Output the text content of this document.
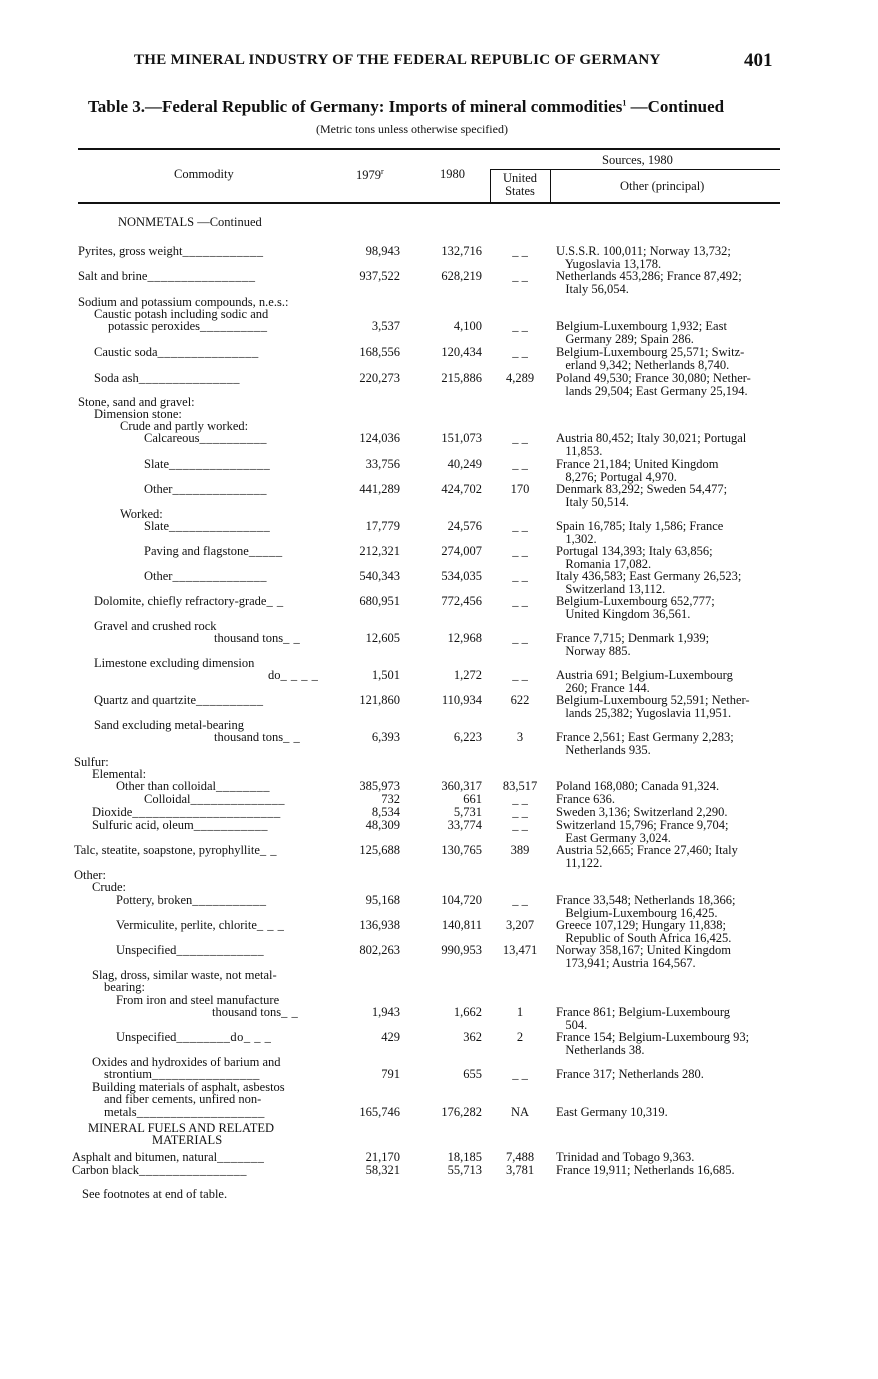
THE MINERAL INDUSTRY OF THE FEDERAL REPUBLIC OF GERMANY	401
Table 3.—Federal Republic of Germany: Imports of mineral commodities$^1$ —Continued
(Metric tons unless otherwise specified)
Commodity	1979$^r$	1980
Sources, 1980
United States	Other (principal)
NONMETALS —Continued
Pyrites, gross weight____________	98,943	132,716	_ _	U.S.S.R. 100,011; Norway 13,732;
Yugoslavia 13,178.
Salt and brine________________	937,522	628,219	_ _	Netherlands 453,286; France 87,492;
Italy 56,054.
Sodium and potassium compounds, n.e.s.:
Caustic potash including sodic and
potassic peroxides__________	3,537	4,100	_ _	Belgium-Luxembourg 1,932; East
Germany 289; Spain 286.
Caustic soda_______________	168,556	120,434	_ _	Belgium-Luxembourg 25,571; Switz-
erland 9,342; Netherlands 8,740.
Soda ash_______________	220,273	215,886	4,289	Poland 49,530; France 30,080; Nether-
lands 29,504; East Germany 25,194.
Stone, sand and gravel:
Dimension stone:
Crude and partly worked:
Calcareous__________	124,036	151,073	_ _	Austria 80,452; Italy 30,021; Portugal
11,853.
Slate_______________	33,756	40,249	_ _	France 21,184; United Kingdom
8,276; Portugal 4,970.
Other______________	441,289	424,702	170	Denmark 83,292; Sweden 54,477;
Italy 50,514.
Worked:
Slate_______________	17,779	24,576	_ _	Spain 16,785; Italy 1,586; France
1,302.
Paving and flagstone_____	212,321	274,007	_ _	Portugal 134,393; Italy 63,856;
Romania 17,082.
Other______________	540,343	534,035	_ _	Italy 436,583; East Germany 26,523;
Switzerland 13,112.
Dolomite, chiefly refractory-grade_ _	680,951	772,456	_ _	Belgium-Luxembourg 652,777;
United Kingdom 36,561.
Gravel and crushed rock
thousand tons_ _	12,605	12,968	_ _	France 7,715; Denmark 1,939;
Norway 885.
Limestone excluding dimension
do_ _ _ _	1,501	1,272	_ _	Austria 691; Belgium-Luxembourg
260; France 144.
Quartz and quartzite__________	121,860	110,934	622	Belgium-Luxembourg 52,591; Nether-
lands 25,382; Yugoslavia 11,951.
Sand excluding metal-bearing
thousand tons_ _	6,393	6,223	3	France 2,561; East Germany 2,283;
Netherlands 935.
Sulfur:
Elemental:
Other than colloidal________	385,973	360,317	83,517	Poland 168,080; Canada 91,324.
Colloidal______________	732	661	_ _	France 636.
Dioxide______________________	8,534	5,731	_ _	Sweden 3,136; Switzerland 2,290.
Sulfuric acid, oleum___________	48,309	33,774	_ _	Switzerland 15,796; France 9,704;
East Germany 3,024.
Talc, steatite, soapstone, pyrophyllite_ _	125,688	130,765	389	Austria 52,665; France 27,460; Italy
11,122.
Other:
Crude:
Pottery, broken___________	95,168	104,720	_ _	France 33,548; Netherlands 18,366;
Belgium-Luxembourg 16,425.
Vermiculite, perlite, chlorite_ _ _	136,938	140,811	3,207	Greece 107,129; Hungary 11,838;
Republic of South Africa 16,425.
Unspecified_____________	802,263	990,953	13,471	Norway 358,167; United Kingdom
173,941; Austria 164,567.
Slag, dross, similar waste, not metal-
bearing:
From iron and steel manufacture
thousand tons_ _	1,943	1,662	1	France 861; Belgium-Luxembourg
504.
Unspecified________do_ _ _	429	362	2	France 154; Belgium-Luxembourg 93;
Netherlands 38.
Oxides and hydroxides of barium and
strontium________________	791	655	_ _	France 317; Netherlands 280.
Building materials of asphalt, asbestos
and fiber cements, unfired non-
metals___________________	165,746	176,282	NA	East Germany 10,319.
MINERAL FUELS AND RELATED
MATERIALS
Asphalt and bitumen, natural_______	21,170	18,185	7,488	Trinidad and Tobago 9,363.
Carbon black________________	58,321	55,713	3,781	France 19,911; Netherlands 16,685.
See footnotes at end of table.
